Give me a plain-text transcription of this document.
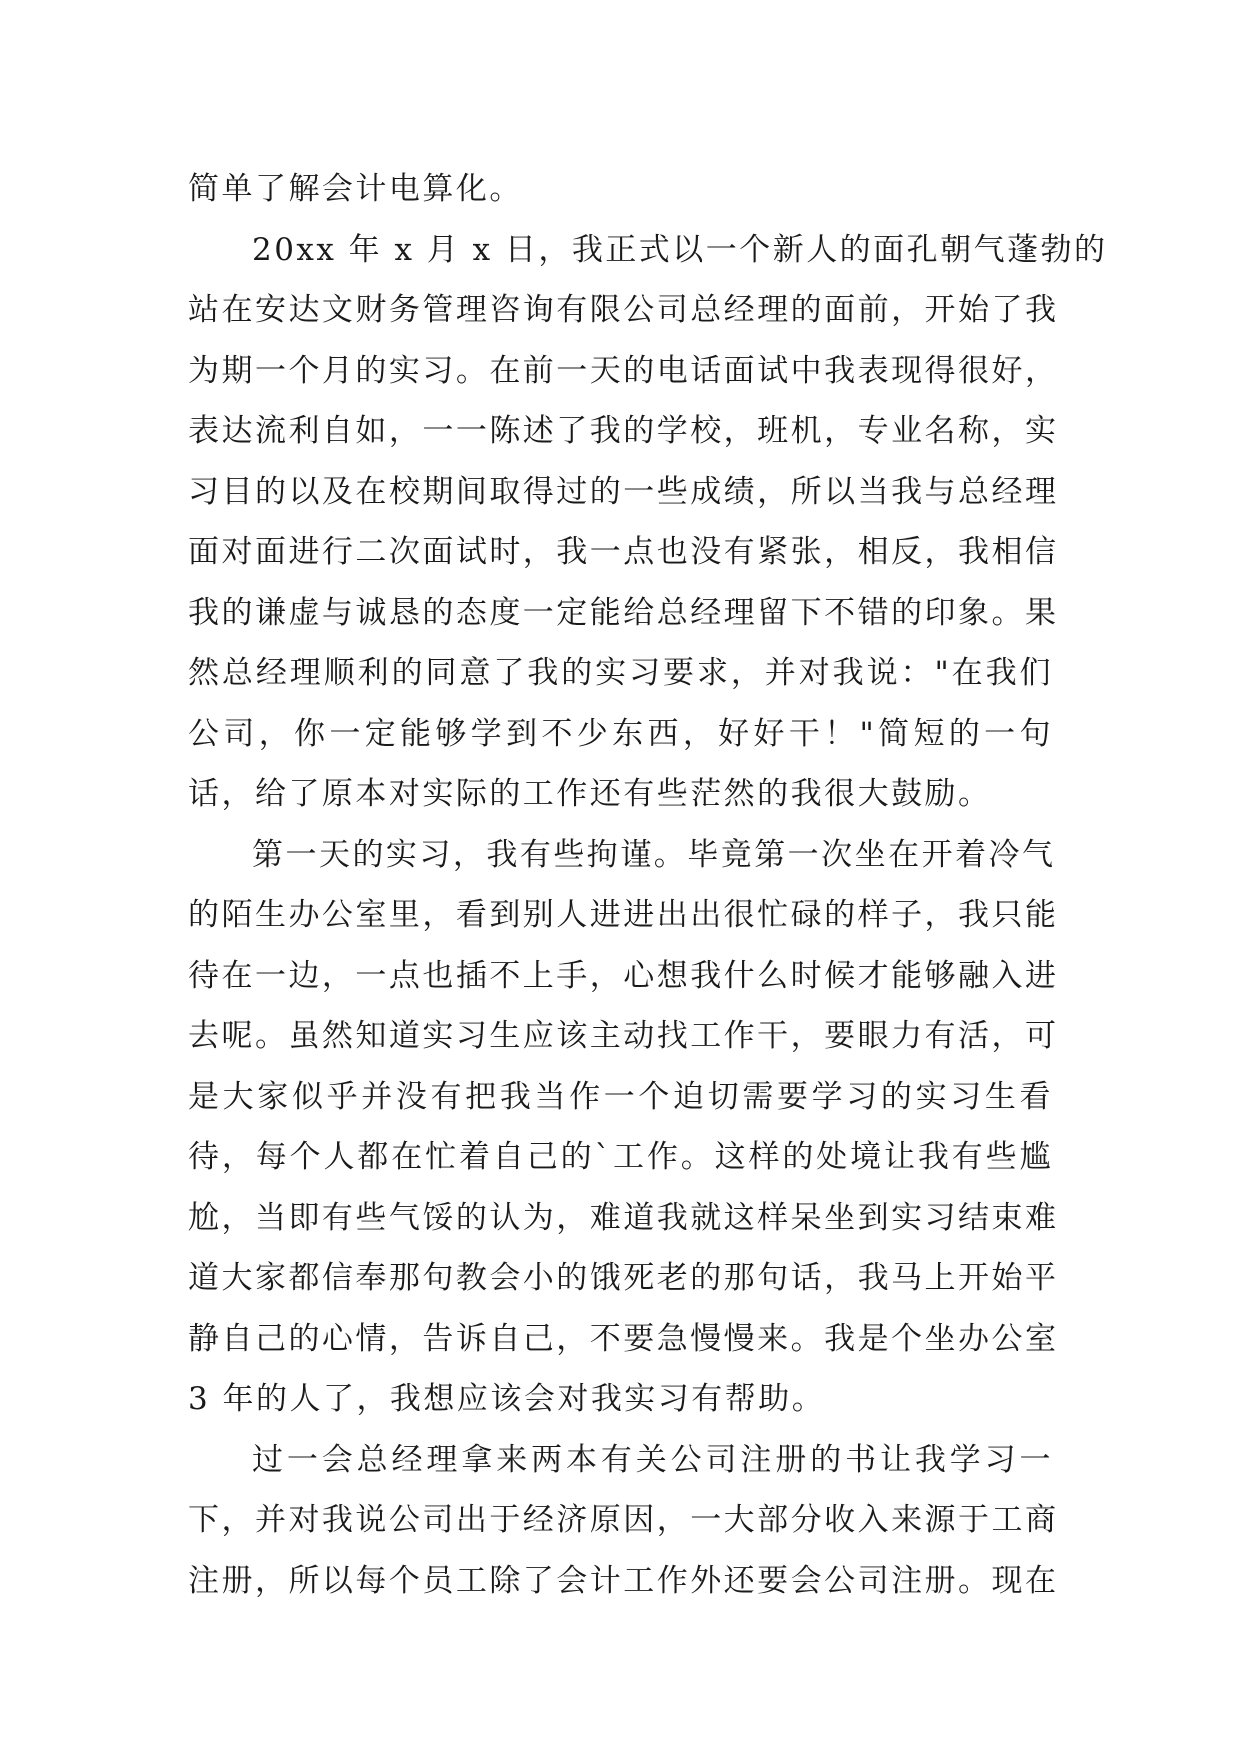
简单了解会计电算化。
20xx 年 x 月 x 日，我正式以一个新人的面孔朝气蓬勃的
站在安达文财务管理咨询有限公司总经理的面前，开始了我
为期一个月的实习。在前一天的电话面试中我表现得很好，
表达流利自如，一一陈述了我的学校，班机，专业名称，实
习目的以及在校期间取得过的一些成绩，所以当我与总经理
面对面进行二次面试时，我一点也没有紧张，相反，我相信
我的谦虚与诚恳的态度一定能给总经理留下不错的印象。果
然总经理顺利的同意了我的实习要求，并对我说："在我们
公司，你一定能够学到不少东西，好好干！"简短的一句
话，给了原本对实际的工作还有些茫然的我很大鼓励。
第一天的实习，我有些拘谨。毕竟第一次坐在开着冷气
的陌生办公室里，看到别人进进出出很忙碌的样子，我只能
待在一边，一点也插不上手，心想我什么时候才能够融入进
去呢。虽然知道实习生应该主动找工作干，要眼力有活，可
是大家似乎并没有把我当作一个迫切需要学习的实习生看
待，每个人都在忙着自己的`工作。这样的处境让我有些尴
尬，当即有些气馁的认为，难道我就这样呆坐到实习结束难
道大家都信奉那句教会小的饿死老的那句话，我马上开始平
静自己的心情，告诉自己，不要急慢慢来。我是个坐办公室
3 年的人了，我想应该会对我实习有帮助。
过一会总经理拿来两本有关公司注册的书让我学习一
下，并对我说公司出于经济原因，一大部分收入来源于工商
注册，所以每个员工除了会计工作外还要会公司注册。现在
